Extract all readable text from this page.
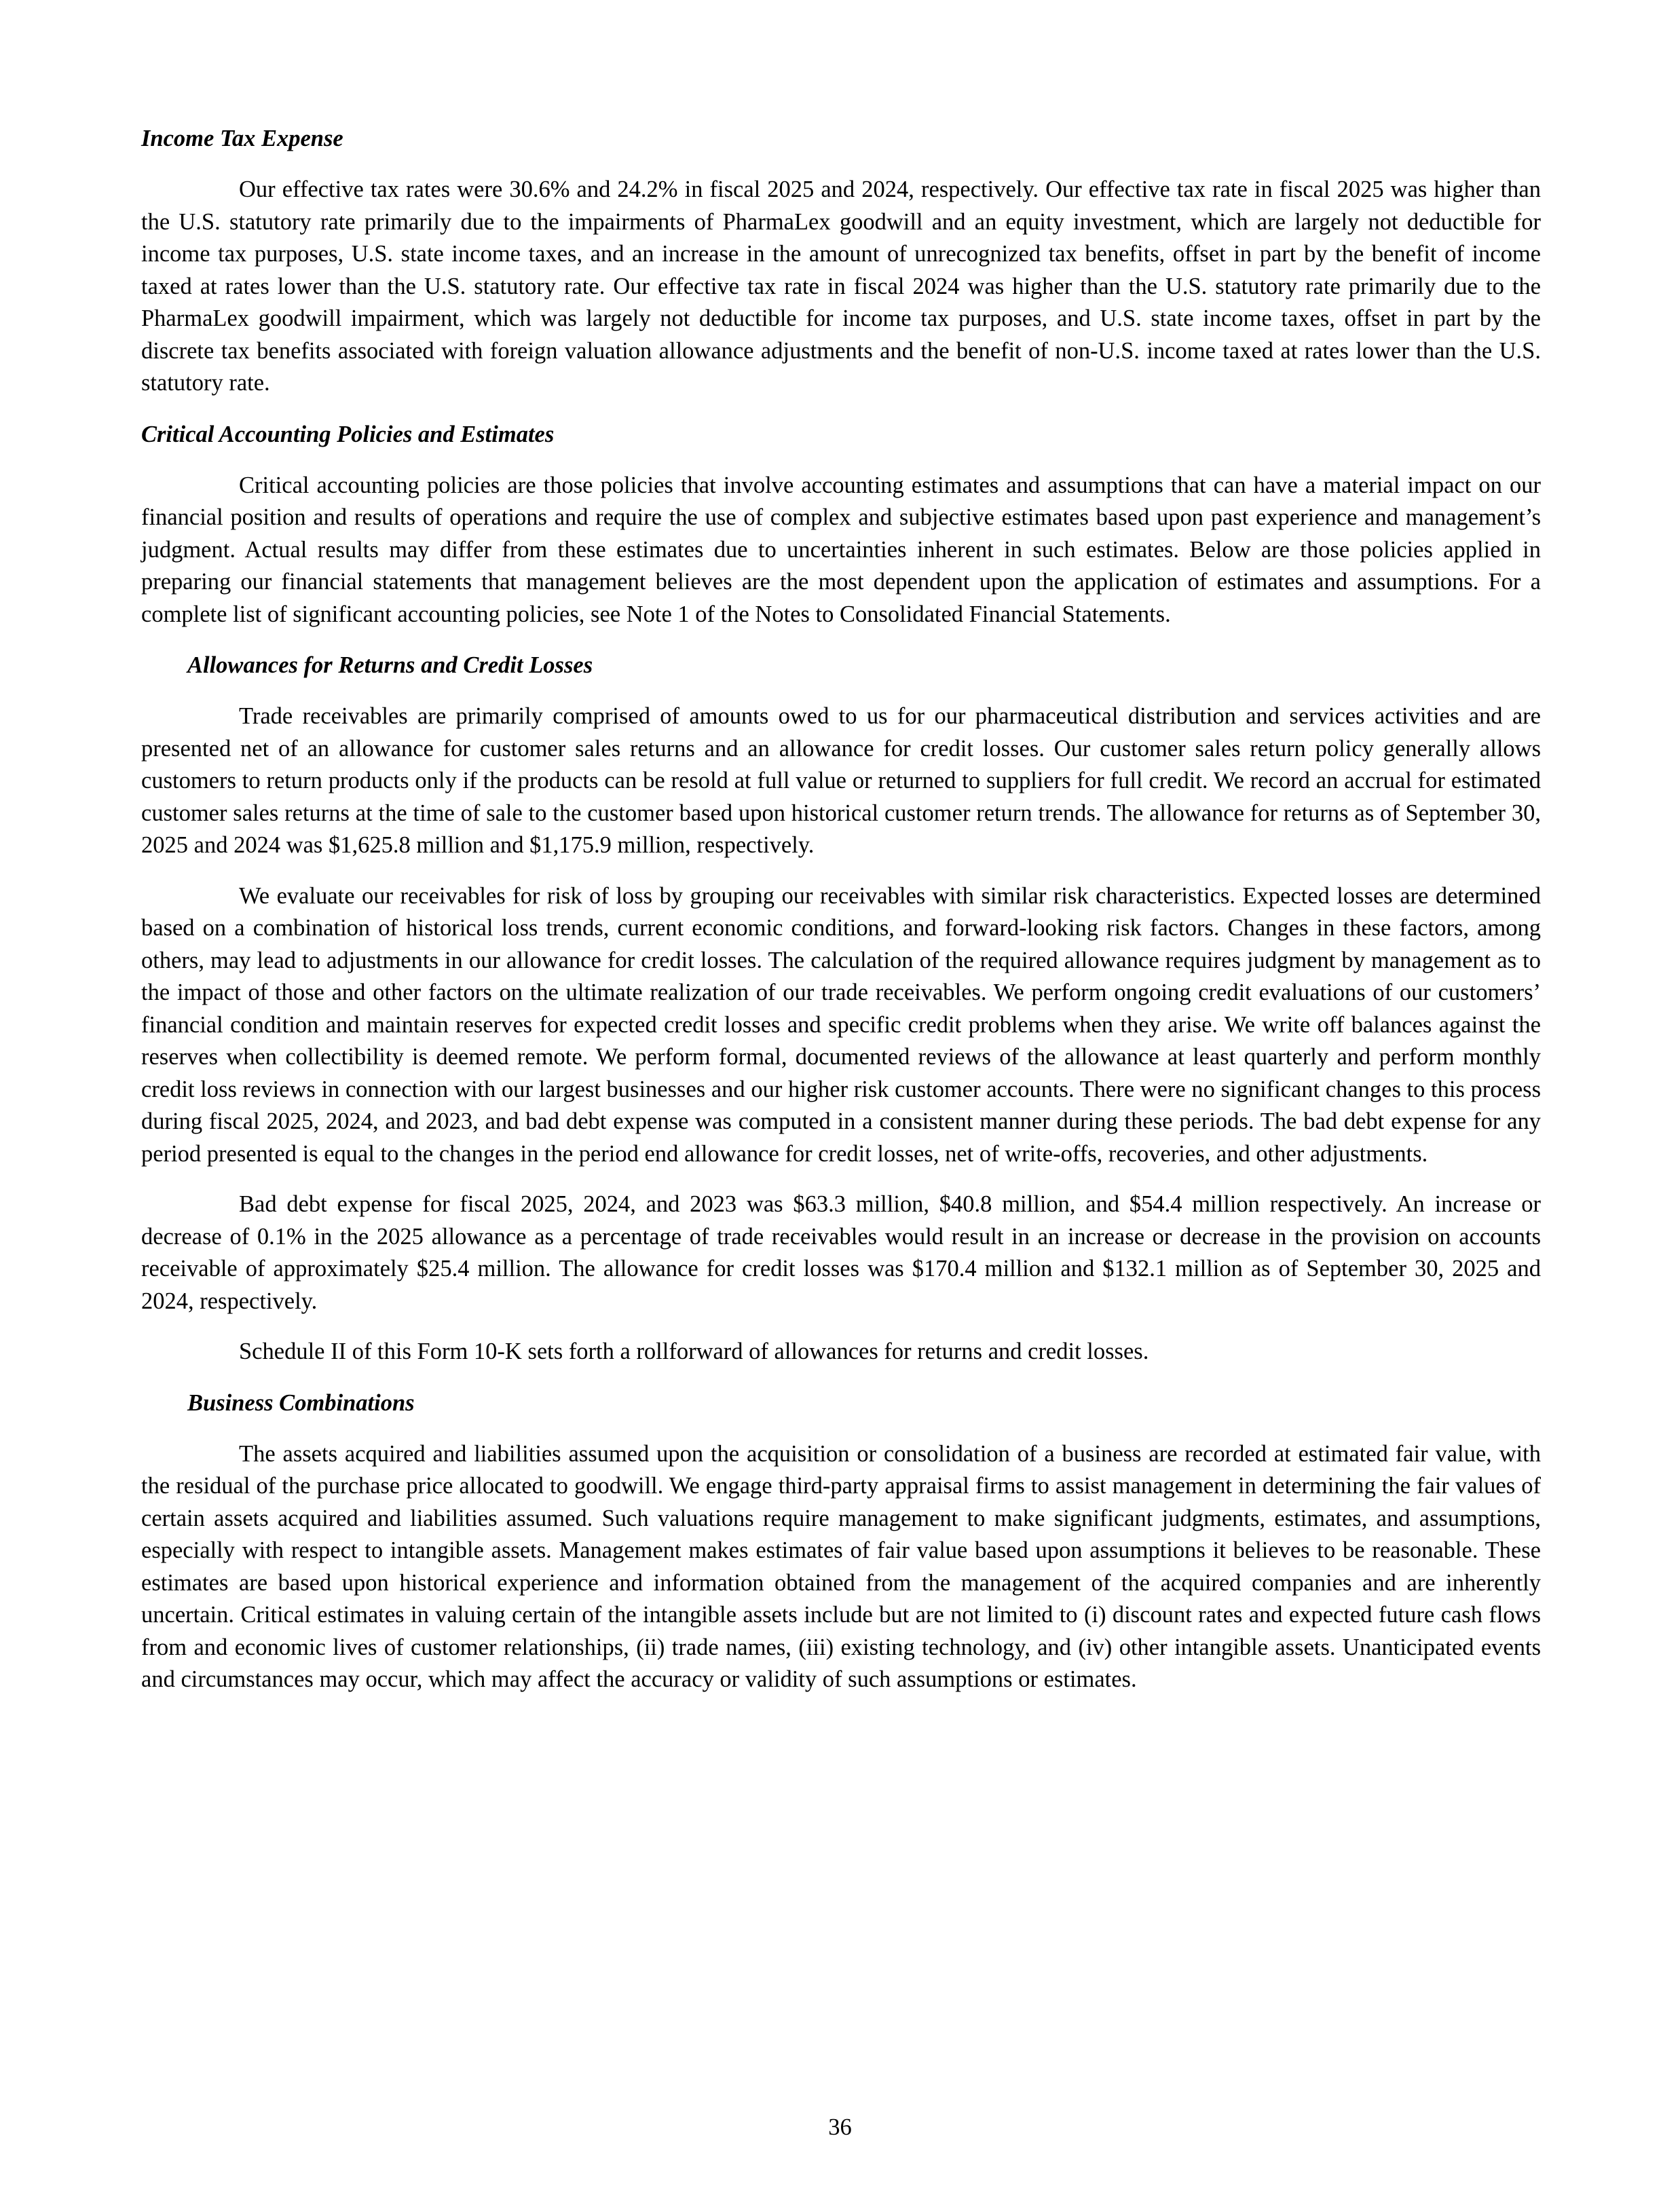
Income Tax Expense

Our effective tax rates were 30.6% and 24.2% in fiscal 2025 and 2024, respectively. Our effective tax rate in fiscal 2025 was higher than the U.S. statutory rate primarily due to the impairments of PharmaLex goodwill and an equity investment, which are largely not deductible for income tax purposes, U.S. state income taxes, and an increase in the amount of unrecognized tax benefits, offset in part by the benefit of income taxed at rates lower than the U.S. statutory rate. Our effective tax rate in fiscal 2024 was higher than the U.S. statutory rate primarily due to the PharmaLex goodwill impairment, which was largely not deductible for income tax purposes, and U.S. state income taxes, offset in part by the discrete tax benefits associated with foreign valuation allowance adjustments and the benefit of non-U.S. income taxed at rates lower than the U.S. statutory rate.

Critical Accounting Policies and Estimates

Critical accounting policies are those policies that involve accounting estimates and assumptions that can have a material impact on our financial position and results of operations and require the use of complex and subjective estimates based upon past experience and management’s judgment. Actual results may differ from these estimates due to uncertainties inherent in such estimates. Below are those policies applied in preparing our financial statements that management believes are the most dependent upon the application of estimates and assumptions. For a complete list of significant accounting policies, see Note 1 of the Notes to Consolidated Financial Statements.

Allowances for Returns and Credit Losses

Trade receivables are primarily comprised of amounts owed to us for our pharmaceutical distribution and services activities and are presented net of an allowance for customer sales returns and an allowance for credit losses. Our customer sales return policy generally allows customers to return products only if the products can be resold at full value or returned to suppliers for full credit. We record an accrual for estimated customer sales returns at the time of sale to the customer based upon historical customer return trends. The allowance for returns as of September 30, 2025 and 2024 was $1,625.8 million and $1,175.9 million, respectively.

We evaluate our receivables for risk of loss by grouping our receivables with similar risk characteristics. Expected losses are determined based on a combination of historical loss trends, current economic conditions, and forward-looking risk factors. Changes in these factors, among others, may lead to adjustments in our allowance for credit losses. The calculation of the required allowance requires judgment by management as to the impact of those and other factors on the ultimate realization of our trade receivables. We perform ongoing credit evaluations of our customers’ financial condition and maintain reserves for expected credit losses and specific credit problems when they arise. We write off balances against the reserves when collectibility is deemed remote. We perform formal, documented reviews of the allowance at least quarterly and perform monthly credit loss reviews in connection with our largest businesses and our higher risk customer accounts. There were no significant changes to this process during fiscal 2025, 2024, and 2023, and bad debt expense was computed in a consistent manner during these periods. The bad debt expense for any period presented is equal to the changes in the period end allowance for credit losses, net of write-offs, recoveries, and other adjustments.

Bad debt expense for fiscal 2025, 2024, and 2023 was $63.3 million, $40.8 million, and $54.4 million respectively. An increase or decrease of 0.1% in the 2025 allowance as a percentage of trade receivables would result in an increase or decrease in the provision on accounts receivable of approximately $25.4 million. The allowance for credit losses was $170.4 million and $132.1 million as of September 30, 2025 and 2024, respectively.

Schedule II of this Form 10-K sets forth a rollforward of allowances for returns and credit losses.

Business Combinations

The assets acquired and liabilities assumed upon the acquisition or consolidation of a business are recorded at estimated fair value, with the residual of the purchase price allocated to goodwill. We engage third-party appraisal firms to assist management in determining the fair values of certain assets acquired and liabilities assumed. Such valuations require management to make significant judgments, estimates, and assumptions, especially with respect to intangible assets. Management makes estimates of fair value based upon assumptions it believes to be reasonable. These estimates are based upon historical experience and information obtained from the management of the acquired companies and are inherently uncertain. Critical estimates in valuing certain of the intangible assets include but are not limited to (i) discount rates and expected future cash flows from and economic lives of customer relationships, (ii) trade names, (iii) existing technology, and (iv) other intangible assets. Unanticipated events and circumstances may occur, which may affect the accuracy or validity of such assumptions or estimates.

36
